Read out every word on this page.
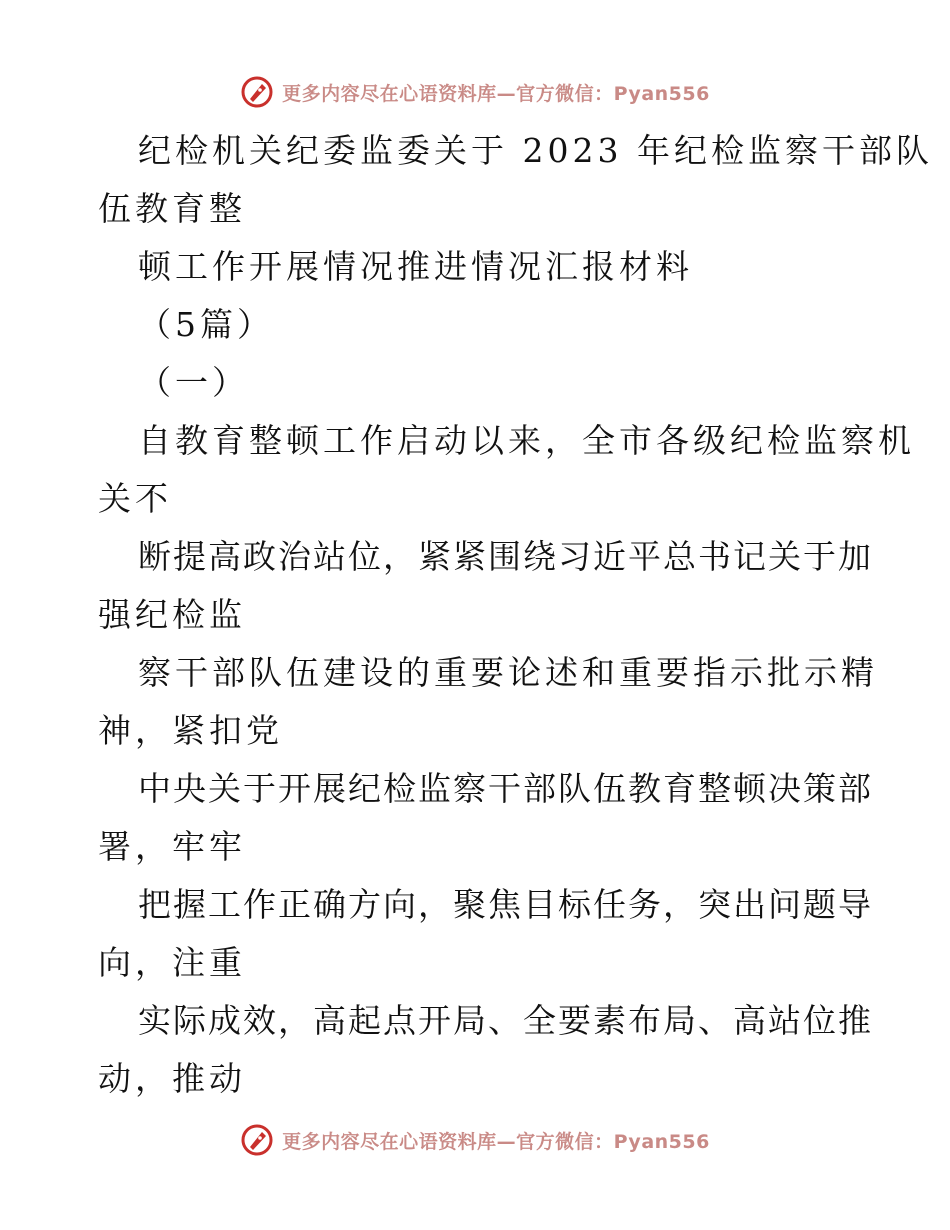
更多内容尽在心语资料库—官方微信：Pyan556
纪检机关纪委监委关于 2023 年纪检监察干部队
伍教育整
顿工作开展情况推进情况汇报材料
（5篇）
（一）
自教育整顿工作启动以来，全市各级纪检监察机
关不
断提高政治站位，紧紧围绕习近平总书记关于加
强纪检监
察干部队伍建设的重要论述和重要指示批示精
神，紧扣党
中央关于开展纪检监察干部队伍教育整顿决策部
署，牢牢
把握工作正确方向，聚焦目标任务，突出问题导
向，注重
实际成效，高起点开局、全要素布局、高站位推
动，推动
更多内容尽在心语资料库—官方微信：Pyan556
